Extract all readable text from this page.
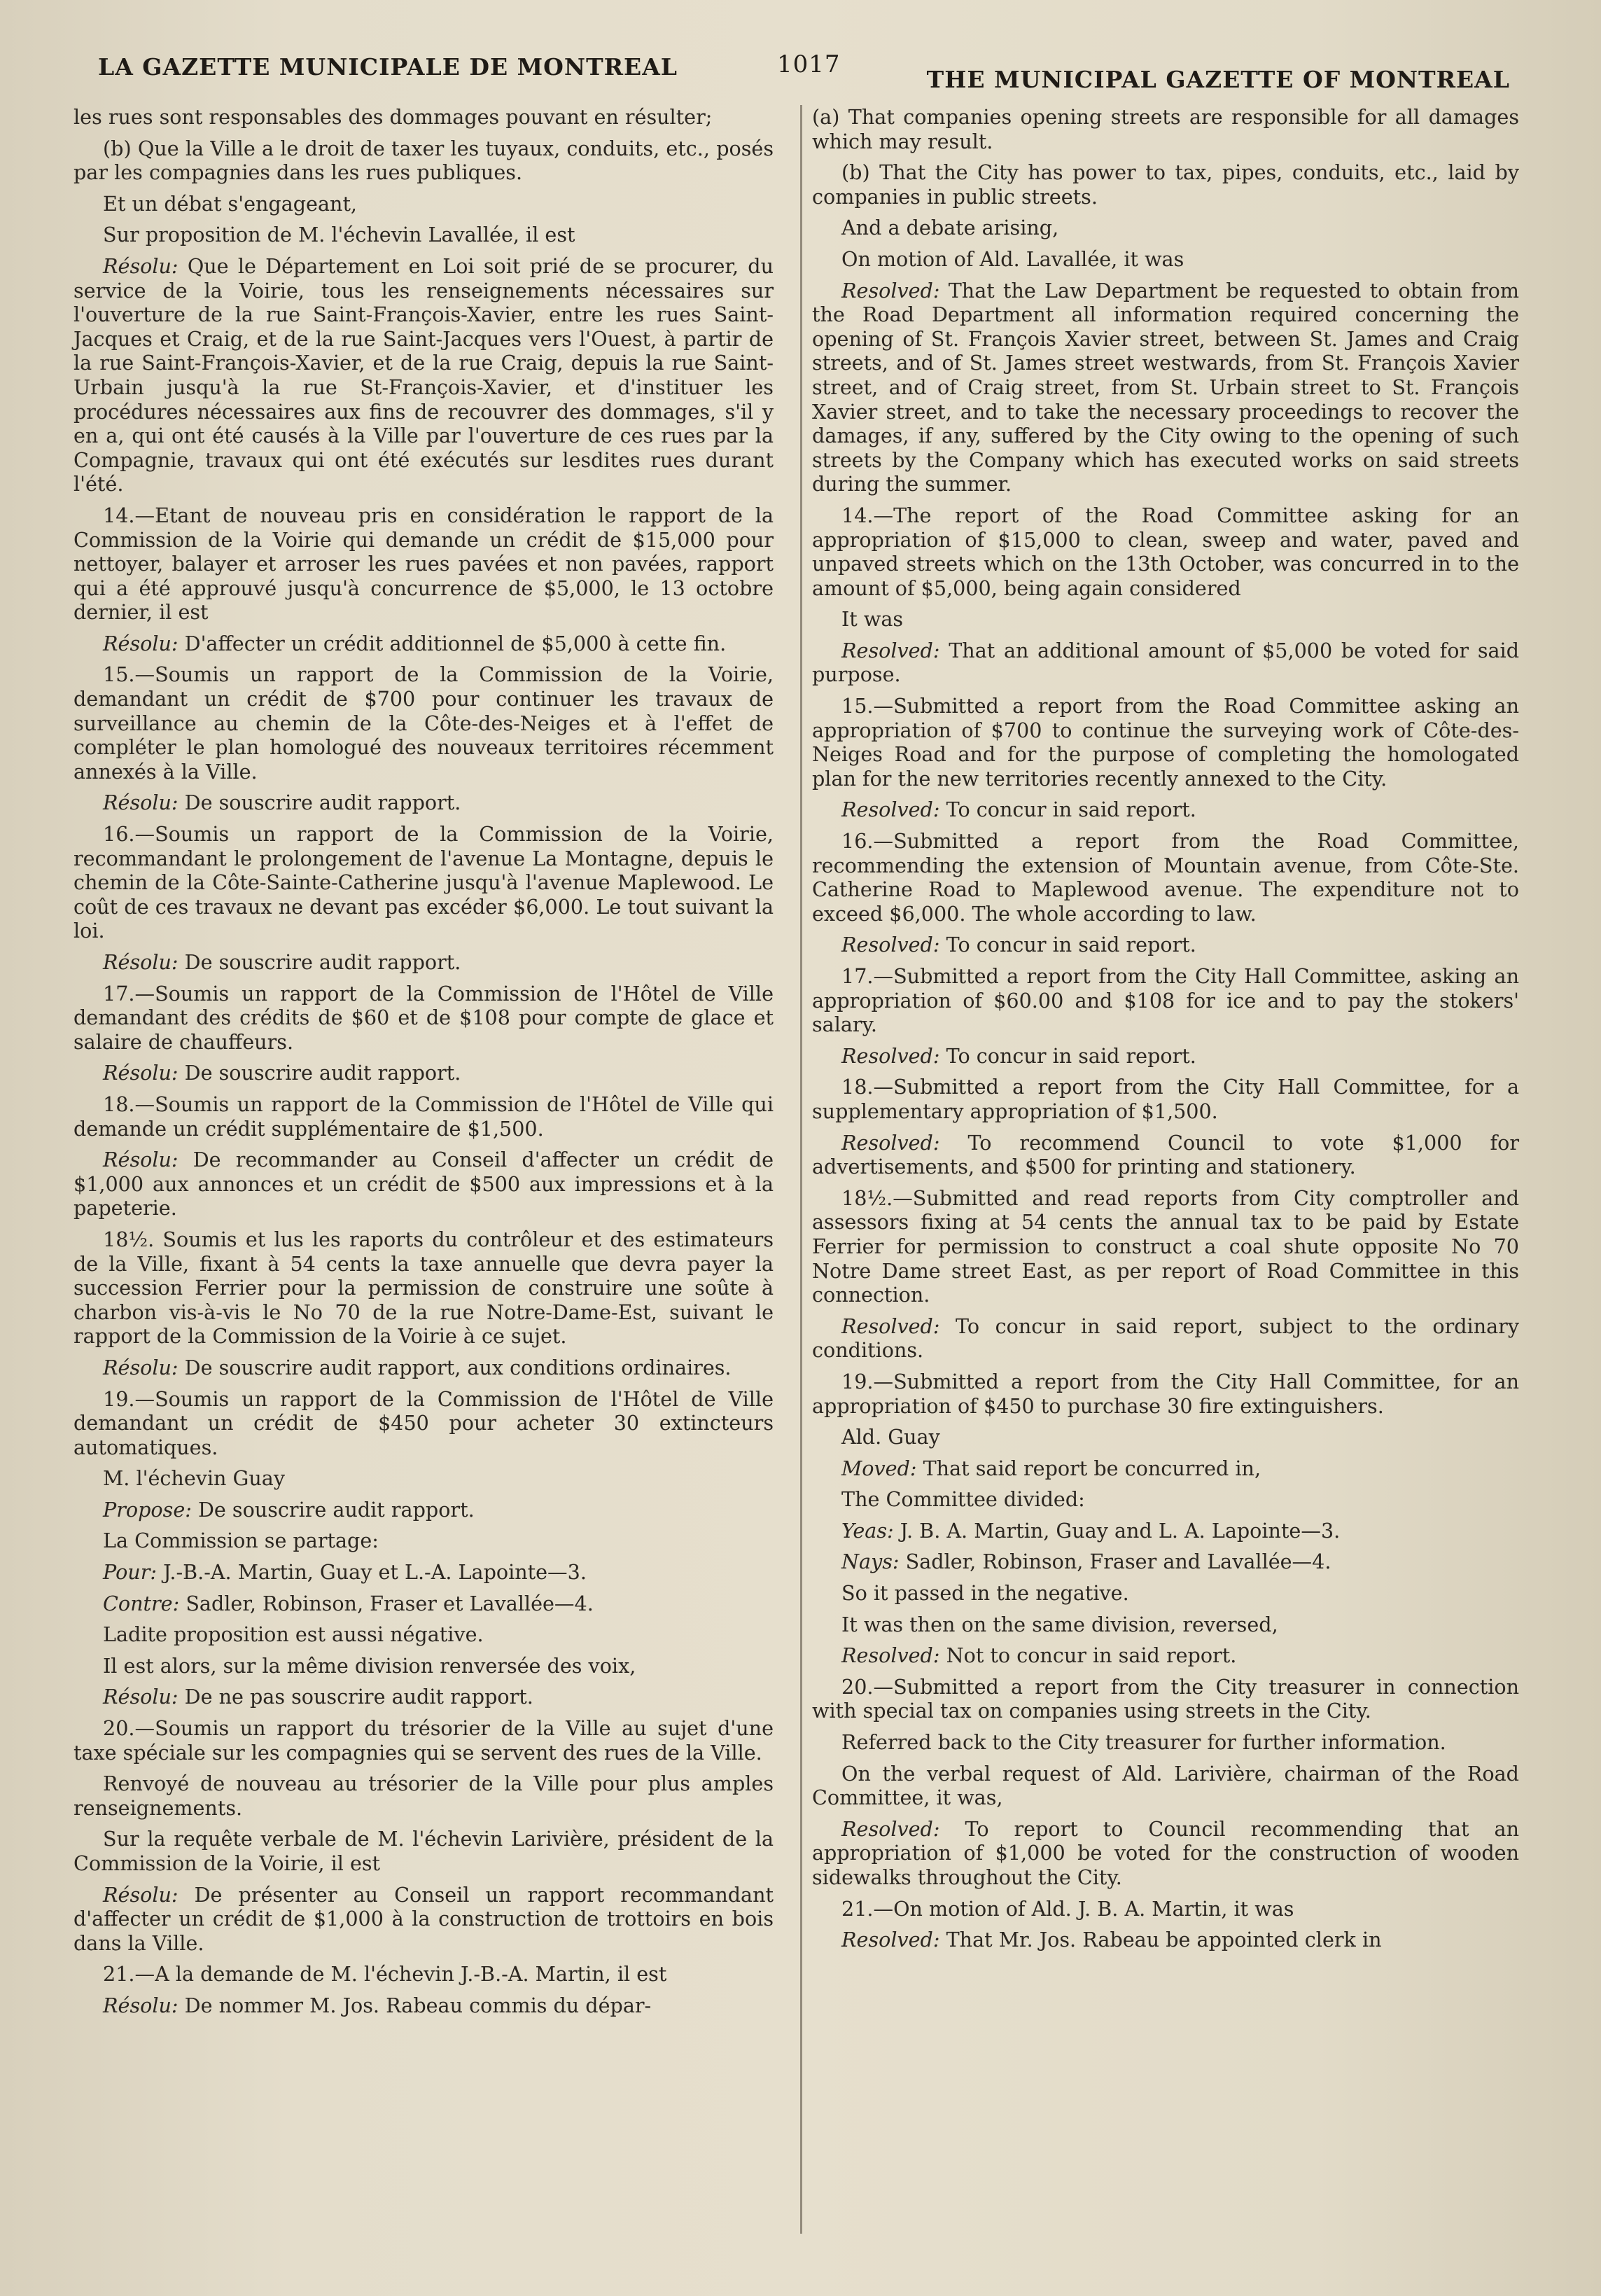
LA GAZETTE MUNICIPALE DE MONTREAL	1017
THE MUNICIPAL GAZETTE OF MONTREAL

les rues sont responsables des dommages pouvant en résulter;

(b) Que la Ville a le droit de taxer les tuyaux, conduits, etc., posés par les compagnies dans les rues publiques.

Et un débat s'engageant,

Sur proposition de M. l'échevin Lavallée, il est

Résolu: Que le Département en Loi soit prié de se procurer, du service de la Voirie, tous les renseignements nécessaires sur l'ouverture de la rue Saint-François-Xavier, entre les rues Saint-Jacques et Craig, et de la rue Saint-Jacques vers l'Ouest, à partir de la rue Saint-François-Xavier, et de la rue Craig, depuis la rue Saint-Urbain jusqu'à la rue St-François-Xavier, et d'instituer les procédures nécessaires aux fins de recouvrer des dommages, s'il y en a, qui ont été causés à la Ville par l'ouverture de ces rues par la Compagnie, travaux qui ont été exécutés sur lesdites rues durant l'été.

14.—Etant de nouveau pris en considération le rapport de la Commission de la Voirie qui demande un crédit de $15,000 pour nettoyer, balayer et arroser les rues pavées et non pavées, rapport qui a été approuvé jusqu'à concurrence de $5,000, le 13 octobre dernier, il est

Résolu: D'affecter un crédit additionnel de $5,000 à cette fin.

15.—Soumis un rapport de la Commission de la Voirie, demandant un crédit de $700 pour continuer les travaux de surveillance au chemin de la Côte-des-Neiges et à l'effet de compléter le plan homologué des nouveaux territoires récemment annexés à la Ville.

Résolu: De souscrire audit rapport.

16.—Soumis un rapport de la Commission de la Voirie, recommandant le prolongement de l'avenue La Montagne, depuis le chemin de la Côte-Sainte-Catherine jusqu'à l'avenue Maplewood. Le coût de ces travaux ne devant pas excéder $6,000. Le tout suivant la loi.

Résolu: De souscrire audit rapport.

17.—Soumis un rapport de la Commission de l'Hôtel de Ville demandant des crédits de $60 et de $108 pour compte de glace et salaire de chauffeurs.

Résolu: De souscrire audit rapport.

18.—Soumis un rapport de la Commission de l'Hôtel de Ville qui demande un crédit supplémentaire de $1,500.

Résolu: De recommander au Conseil d'affecter un crédit de $1,000 aux annonces et un crédit de $500 aux impressions et à la papeterie.

18½. Soumis et lus les raports du contrôleur et des estimateurs de la Ville, fixant à 54 cents la taxe annuelle que devra payer la succession Ferrier pour la permission de construire une soûte à charbon vis-à-vis le No 70 de la rue Notre-Dame-Est, suivant le rapport de la Commission de la Voirie à ce sujet.

Résolu: De souscrire audit rapport, aux conditions ordinaires.

19.—Soumis un rapport de la Commission de l'Hôtel de Ville demandant un crédit de $450 pour acheter 30 extincteurs automatiques.

M. l'échevin Guay

Propose: De souscrire audit rapport.

La Commission se partage:

Pour: J.-B.-A. Martin, Guay et L.-A. Lapointe—3.

Contre: Sadler, Robinson, Fraser et Lavallée—4.

Ladite proposition est aussi négative.

Il est alors, sur la même division renversée des voix,

Résolu: De ne pas souscrire audit rapport.

20.—Soumis un rapport du trésorier de la Ville au sujet d'une taxe spéciale sur les compagnies qui se servent des rues de la Ville.

Renvoyé de nouveau au trésorier de la Ville pour plus amples renseignements.

Sur la requête verbale de M. l'échevin Larivière, président de la Commission de la Voirie, il est

Résolu: De présenter au Conseil un rapport recommandant d'affecter un crédit de $1,000 à la construction de trottoirs en bois dans la Ville.

21.—A la demande de M. l'échevin J.-B.-A. Martin, il est

Résolu: De nommer M. Jos. Rabeau commis du dépar-

(a) That companies opening streets are responsible for all damages which may result.

(b) That the City has power to tax, pipes, conduits, etc., laid by companies in public streets.

And a debate arising,

On motion of Ald. Lavallée, it was

Resolved: That the Law Department be requested to obtain from the Road Department all information required concerning the opening of St. François Xavier street, between St. James and Craig streets, and of St. James street westwards, from St. François Xavier street, and of Craig street, from St. Urbain street to St. François Xavier street, and to take the necessary proceedings to recover the damages, if any, suffered by the City owing to the opening of such streets by the Company which has executed works on said streets during the summer.

14.—The report of the Road Committee asking for an appropriation of $15,000 to clean, sweep and water, paved and unpaved streets which on the 13th October, was concurred in to the amount of $5,000, being again considered

It was

Resolved: That an additional amount of $5,000 be voted for said purpose.

15.—Submitted a report from the Road Committee asking an appropriation of $700 to continue the surveying work of Côte-des-Neiges Road and for the purpose of completing the homologated plan for the new territories recently annexed to the City.

Resolved: To concur in said report.

16.—Submitted a report from the Road Committee, recommending the extension of Mountain avenue, from Côte-Ste. Catherine Road to Maplewood avenue. The expenditure not to exceed $6,000. The whole according to law.

Resolved: To concur in said report.

17.—Submitted a report from the City Hall Committee, asking an appropriation of $60.00 and $108 for ice and to pay the stokers' salary.

Resolved: To concur in said report.

18.—Submitted a report from the City Hall Committee, for a supplementary appropriation of $1,500.

Resolved: To recommend Council to vote $1,000 for advertisements, and $500 for printing and stationery.

18½.—Submitted and read reports from City comptroller and assessors fixing at 54 cents the annual tax to be paid by Estate Ferrier for permission to construct a coal shute opposite No 70 Notre Dame street East, as per report of Road Committee in this connection.

Resolved: To concur in said report, subject to the ordinary conditions.

19.—Submitted a report from the City Hall Committee, for an appropriation of $450 to purchase 30 fire extinguishers.

Ald. Guay

Moved: That said report be concurred in,

The Committee divided:

Yeas: J. B. A. Martin, Guay and L. A. Lapointe—3.

Nays: Sadler, Robinson, Fraser and Lavallée—4.

So it passed in the negative.

It was then on the same division, reversed,

Resolved: Not to concur in said report.

20.—Submitted a report from the City treasurer in connection with special tax on companies using streets in the City.

Referred back to the City treasurer for further information.

On the verbal request of Ald. Larivière, chairman of the Road Committee, it was,

Resolved: To report to Council recommending that an appropriation of $1,000 be voted for the construction of wooden sidewalks throughout the City.

21.—On motion of Ald. J. B. A. Martin, it was

Resolved: That Mr. Jos. Rabeau be appointed clerk in
